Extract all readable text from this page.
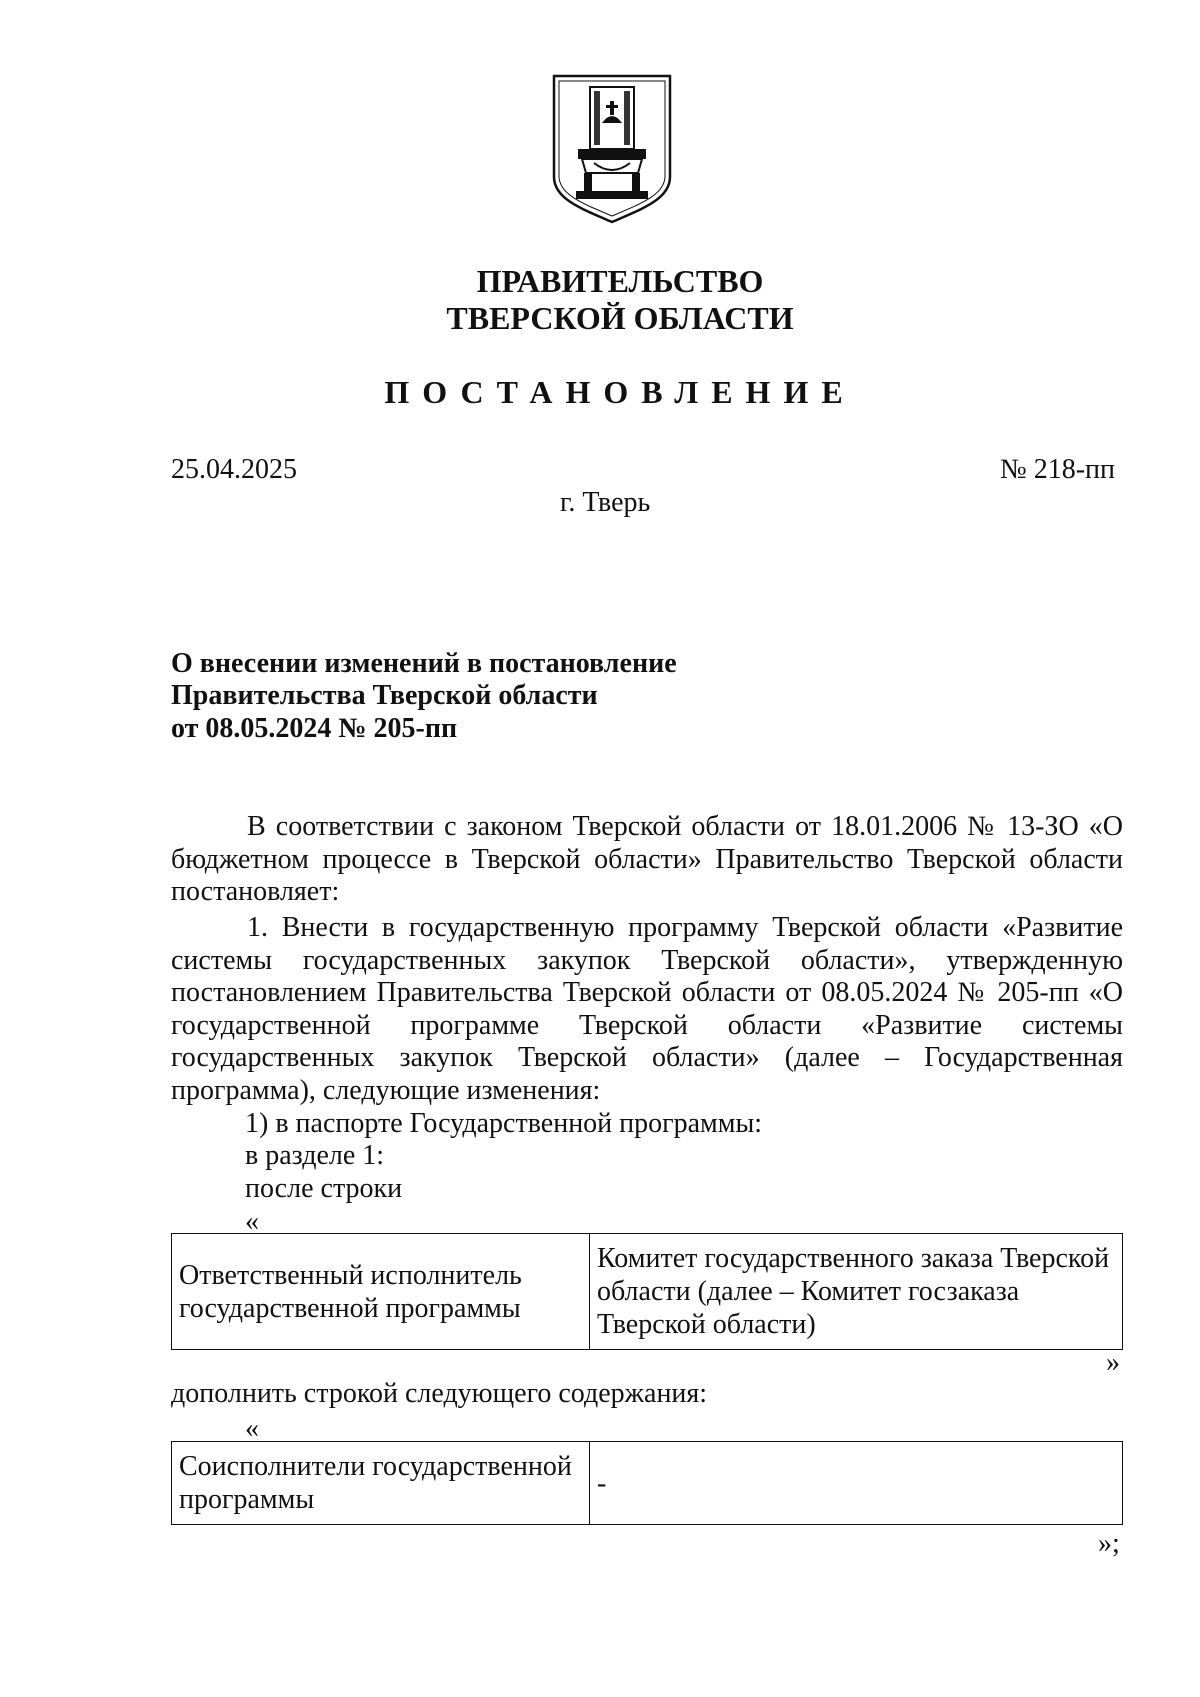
ПРАВИТЕЛЬСТВО
ТВЕРСКОЙ ОБЛАСТИ
ПОСТАНОВЛЕНИЕ
25.04.2025	№ 218-пп
г. Тверь
О внесении изменений в постановление
Правительства Тверской области
от 08.05.2024 № 205-пп
В соответствии с законом Тверской области от 18.01.2006 № 13-ЗО «О бюджетном процессе в Тверской области» Правительство Тверской области постановляет:
1. Внести в государственную программу Тверской области «Развитие системы государственных закупок Тверской области», утвержденную постановлением Правительства Тверской области от 08.05.2024 № 205-пп «О государственной программе Тверской области «Развитие системы государственных закупок Тверской области» (далее – Государственная программа), следующие изменения:
1) в паспорте Государственной программы:
в разделе 1:
после строки
«
Ответственный исполнитель государственной программы	Комитет государственного заказа Тверской области (далее – Комитет госзаказа Тверской области)
»
дополнить строкой следующего содержания:
«
Соисполнители государственной программы	-
»;
